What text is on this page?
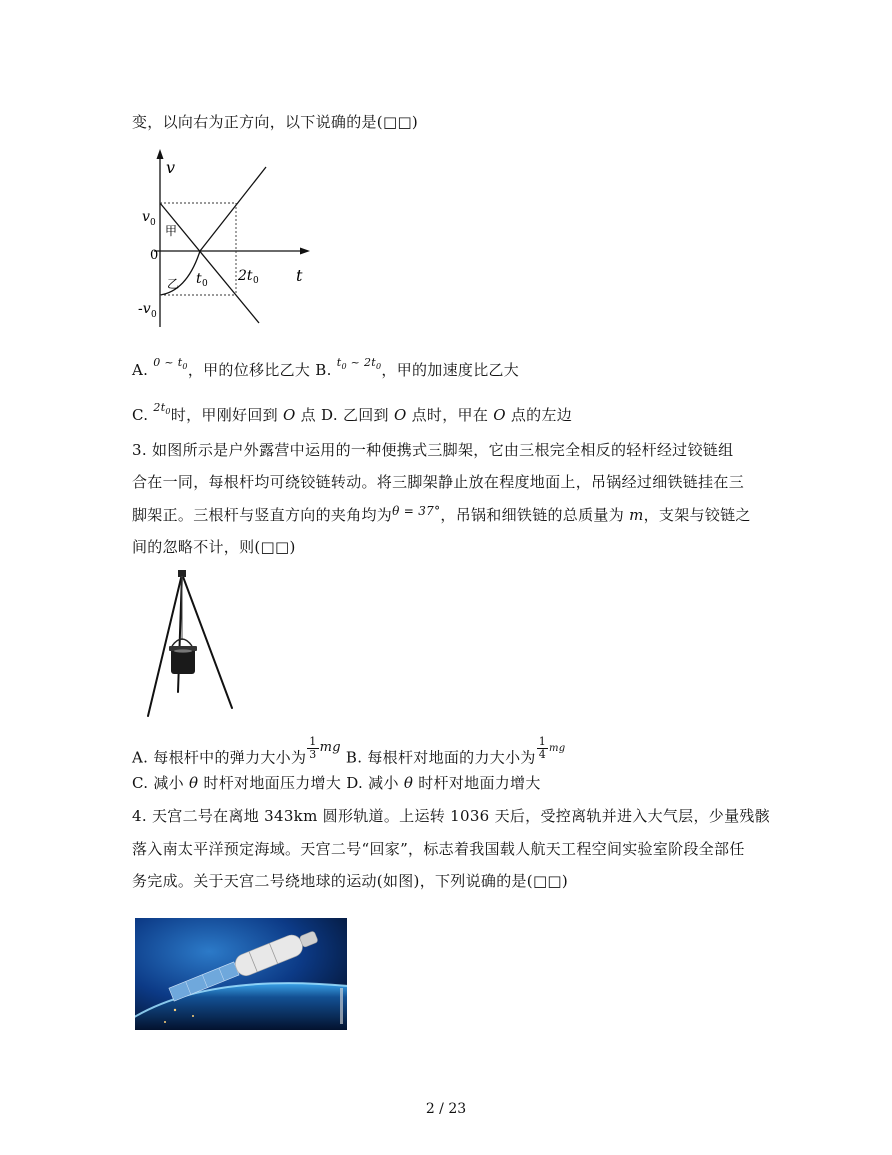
变，以向右为正方向，以下说确的是(□□)
v
t
v 0
0
-v 0
甲
乙 t 0 2t 0
A. $^{0 \sim t_0}$，甲的位移比乙大 B. $^{t_0 \sim 2t_0}$，甲的加速度比乙大
C. $^{2t_0}$时，甲刚好回到 O 点 D. 乙回到 O 点时，甲在 O 点的左边
3. 如图所示是户外露营中运用的一种便携式三脚架，它由三根完全相反的轻杆经过铰链组
合在一同，每根杆均可绕铰链转动。将三脚架静止放在程度地面上，吊锅经过细铁链挂在三
脚架正。三根杆与竖直方向的夹角均为$^{\theta = 37^\circ}$，吊锅和细铁链的总质量为 m，支架与铰链之
间的忽略不计，则(□□)
A. 每根杆中的弹力大小为 $\frac{1}{3}$ mg B. 每根杆对地面的力大小为 $\frac{1}{4} ^{mg}$
C. 减小 θ 时杆对地面压力增大 D. 减小 θ 时杆对地面力增大
4. 天宫二号在离地 343km 圆形轨道。上运转 1036 天后，受控离轨并进入大气层，少量残骸
落入南太平洋预定海域。天宫二号“回家”，标志着我国载人航天工程空间实验室阶段全部任
务完成。关于天宫二号绕地球的运动(如图)，下列说确的是(□□)
2 / 23
